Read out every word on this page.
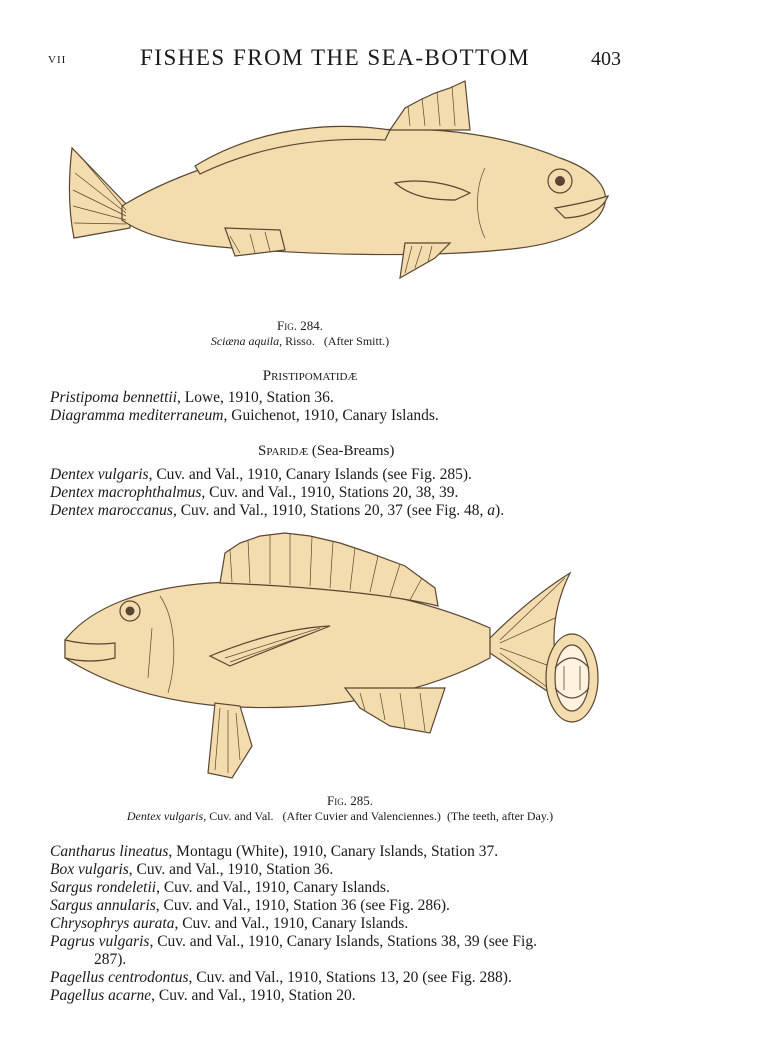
VII	FISHES FROM THE SEA-BOTTOM	403
Fig. 284.
Sciæna aquila, Risso. (After Smitt.)
Pristipomatidæ
Pristipoma bennettii, Lowe, 1910, Station 36.
Diagramma mediterraneum, Guichenot, 1910, Canary Islands.
Sparidæ (Sea-Breams)
Dentex vulgaris, Cuv. and Val., 1910, Canary Islands (see Fig. 285).
Dentex macrophthalmus, Cuv. and Val., 1910, Stations 20, 38, 39.
Dentex maroccanus, Cuv. and Val., 1910, Stations 20, 37 (see Fig. 48, a).
Fig. 285.
Dentex vulgaris, Cuv. and Val. (After Cuvier and Valenciennes.) (The teeth, after Day.)
Cantharus lineatus, Montagu (White), 1910, Canary Islands, Station 37.
Box vulgaris, Cuv. and Val., 1910, Station 36.
Sargus rondeletii, Cuv. and Val., 1910, Canary Islands.
Sargus annularis, Cuv. and Val., 1910, Station 36 (see Fig. 286).
Chrysophrys aurata, Cuv. and Val., 1910, Canary Islands.
Pagrus vulgaris, Cuv. and Val., 1910, Canary Islands, Stations 38, 39 (see Fig.
287).
Pagellus centrodontus, Cuv. and Val., 1910, Stations 13, 20 (see Fig. 288).
Pagellus acarne, Cuv. and Val., 1910, Station 20.
